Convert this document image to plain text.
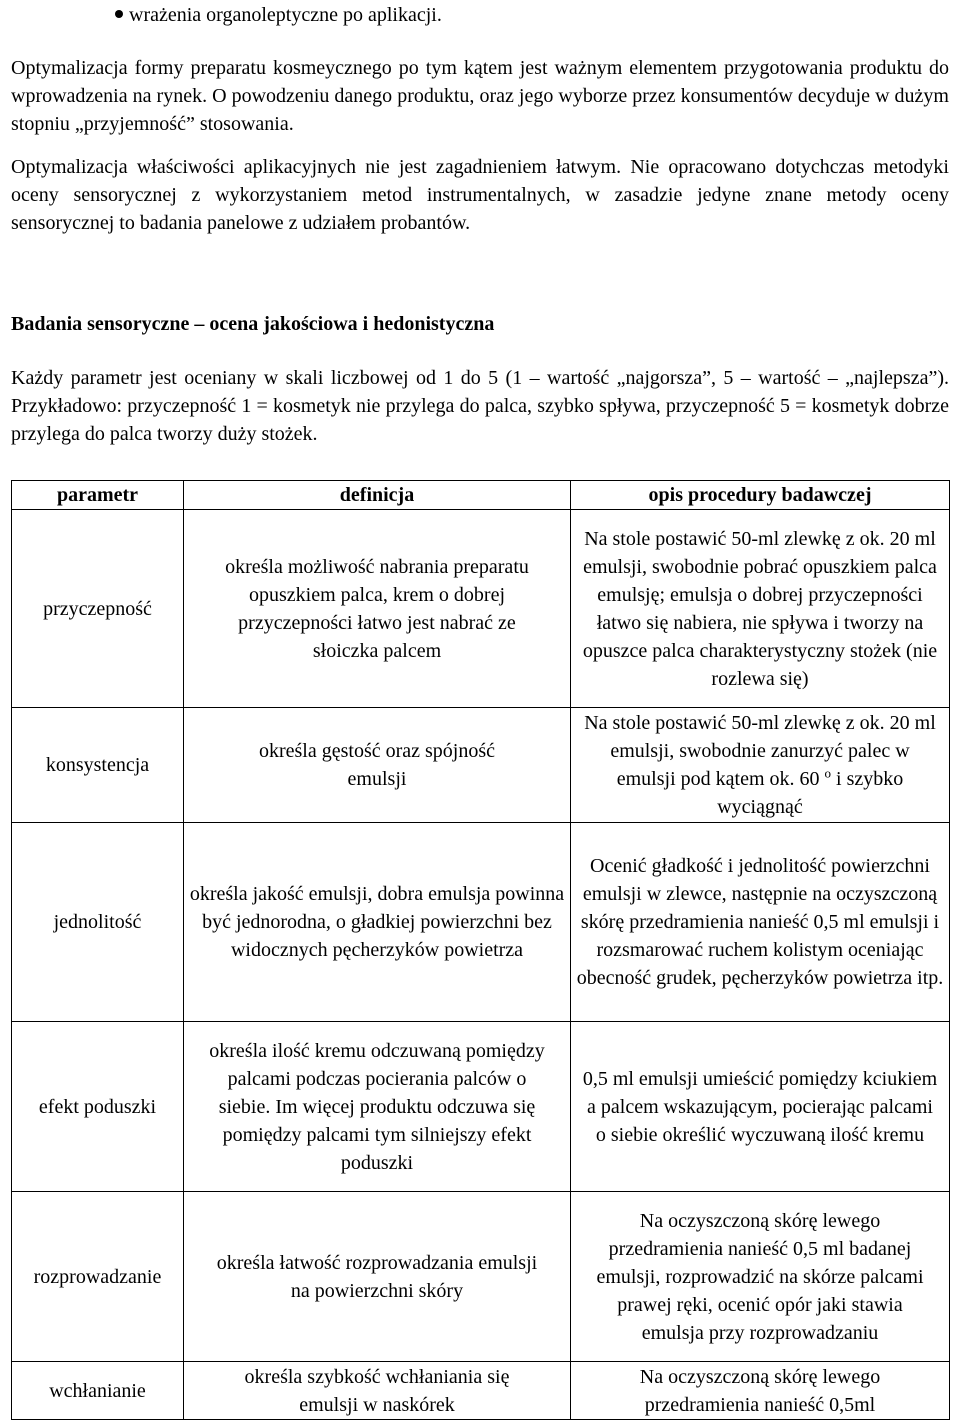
wrażenia organoleptyczne po aplikacji.

Optymalizacja formy preparatu kosmeycznego po tym kątem jest ważnym elementem przygotowania produktu do wprowadzenia na rynek. O powodzeniu danego produktu, oraz jego wyborze przez konsumentów decyduje w dużym stopniu „przyjemność” stosowania.

Optymalizacja właściwości aplikacyjnych nie jest zagadnieniem łatwym. Nie opracowano dotychczas metodyki oceny sensorycznej z wykorzystaniem metod instrumentalnych, w zasadzie jedyne znane metody oceny sensorycznej to badania panelowe z udziałem probantów.

Badania sensoryczne – ocena jakościowa i hedonistyczna

Każdy parametr jest oceniany w skali liczbowej od 1 do 5 (1 – wartość „najgorsza”, 5 – wartość – „najlepsza”). Przykładowo: przyczepność 1 = kosmetyk nie przylega do palca, szybko spływa, przyczepność 5 = kosmetyk dobrze przylega do palca tworzy duży stożek.

parametr	definicja	opis procedury badawczej
przyczepność	określa możliwość nabrania preparatu opuszkiem palca, krem o dobrej przyczepności łatwo jest nabrać ze słoiczka palcem	Na stole postawić 50-ml zlewkę z ok. 20 ml emulsji, swobodnie pobrać opuszkiem palca emulsję; emulsja o dobrej przyczepności łatwo się nabiera, nie spływa i tworzy na opuszce palca charakterystyczny stożek (nie rozlewa się)
konsystencja	określa gęstość oraz spójność emulsji	Na stole postawić 50-ml zlewkę z ok. 20 ml emulsji, swobodnie zanurzyć palec w emulsji pod kątem ok. 60 $^o$ i szybko wyciągnąć
jednolitość	określa jakość emulsji, dobra emulsja powinna być jednorodna, o gładkiej powierzchni bez widocznych pęcherzyków powietrza	Ocenić gładkość i jednolitość powierzchni emulsji w zlewce, następnie na oczyszczoną skórę przedramienia nanieść 0,5 ml emulsji i rozsmarować ruchem kolistym oceniając obecność grudek, pęcherzyków powietrza itp.
efekt poduszki	określa ilość kremu odczuwaną pomiędzy palcami podczas pocierania palców o siebie. Im więcej produktu odczuwa się pomiędzy palcami tym silniejszy efekt poduszki	0,5 ml emulsji umieścić pomiędzy kciukiem a palcem wskazującym, pocierając palcami o siebie określić wyczuwaną ilość kremu
rozprowadzanie	określa łatwość rozprowadzania emulsji na powierzchni skóry	Na oczyszczoną skórę lewego przedramienia nanieść 0,5 ml badanej emulsji, rozprowadzić na skórze palcami prawej ręki, ocenić opór jaki stawia emulsja przy rozprowadzaniu
wchłanianie	określa szybkość wchłaniania się emulsji w naskórek	Na oczyszczoną skórę lewego przedramienia nanieść 0,5ml
